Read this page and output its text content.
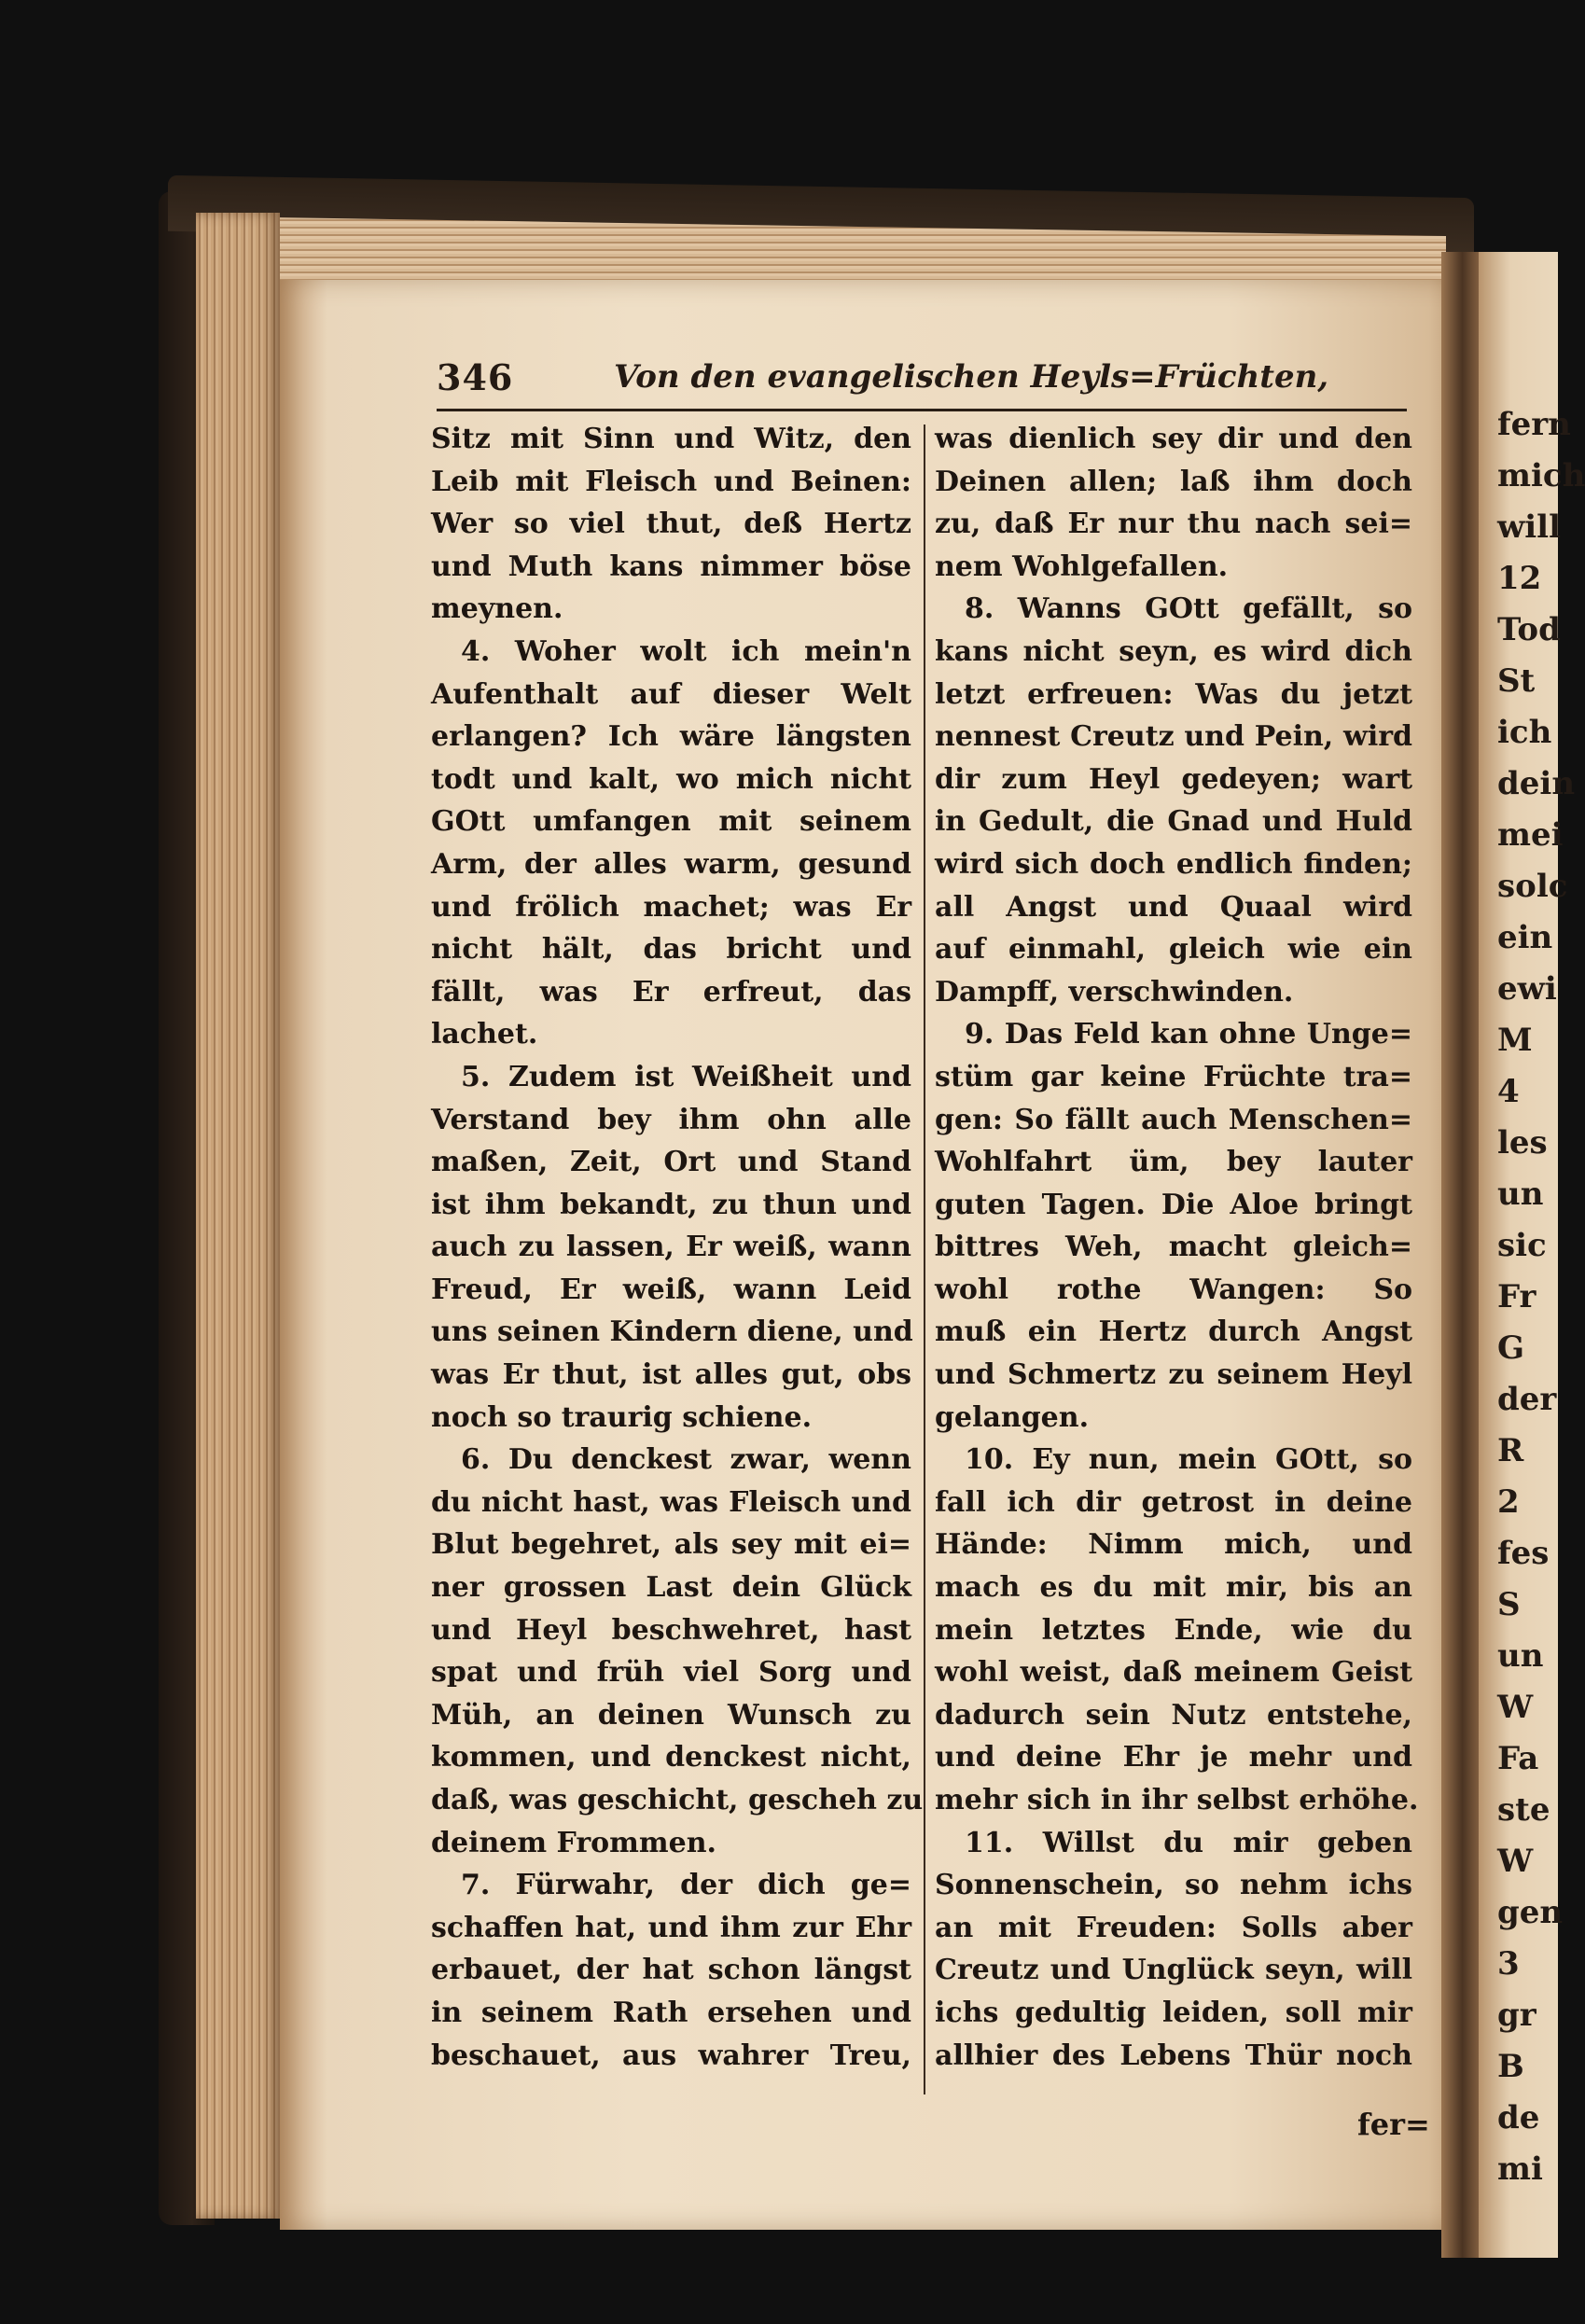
fern
mich
will
12
Tod
St
ich
dein
mei
solc
ein
ewi
M
4
les
un
sic
Fr
G
der
R
2
fes
S
un
W
Fa
ste
W
gen
3
gr
B
de
mi
346	Von den evangelischen Heyls=Früchten,
Sitz mit Sinn und Witz, den
Leib mit Fleisch und Beinen:
Wer so viel thut, deß Hertz
und Muth kans nimmer böse
meynen.
4. Woher wolt ich mein'n
Aufenthalt auf dieser Welt
erlangen? Ich wäre längsten
todt und kalt, wo mich nicht
GOtt umfangen mit seinem
Arm, der alles warm, gesund
und frölich machet; was Er
nicht hält, das bricht und
fällt, was Er erfreut, das
lachet.
5. Zudem ist Weißheit und
Verstand bey ihm ohn alle
maßen, Zeit, Ort und Stand
ist ihm bekandt, zu thun und
auch zu lassen, Er weiß, wann
Freud, Er weiß, wann Leid
uns seinen Kindern diene, und
was Er thut, ist alles gut, obs
noch so traurig schiene.
6. Du denckest zwar, wenn
du nicht hast, was Fleisch und
Blut begehret, als sey mit ei=
ner grossen Last dein Glück
und Heyl beschwehret, hast
spat und früh viel Sorg und
Müh, an deinen Wunsch zu
kommen, und denckest nicht,
daß, was geschicht, gescheh zu
deinem Frommen.
7. Fürwahr, der dich ge=
schaffen hat, und ihm zur Ehr
erbauet, der hat schon längst
in seinem Rath ersehen und
beschauet, aus wahrer Treu,
was dienlich sey dir und den
Deinen allen; laß ihm doch
zu, daß Er nur thu nach sei=
nem Wohlgefallen.
8. Wanns GOtt gefällt, so
kans nicht seyn, es wird dich
letzt erfreuen: Was du jetzt
nennest Creutz und Pein, wird
dir zum Heyl gedeyen; wart
in Gedult, die Gnad und Huld
wird sich doch endlich finden;
all Angst und Quaal wird
auf einmahl, gleich wie ein
Dampff, verschwinden.
9. Das Feld kan ohne Unge=
stüm gar keine Früchte tra=
gen: So fällt auch Menschen=
Wohlfahrt üm, bey lauter
guten Tagen. Die Aloe bringt
bittres Weh, macht gleich=
wohl rothe Wangen: So
muß ein Hertz durch Angst
und Schmertz zu seinem Heyl
gelangen.
10. Ey nun, mein GOtt, so
fall ich dir getrost in deine
Hände: Nimm mich, und
mach es du mit mir, bis an
mein letztes Ende, wie du
wohl weist, daß meinem Geist
dadurch sein Nutz entstehe,
und deine Ehr je mehr und
mehr sich in ihr selbst erhöhe.
11. Willst du mir geben
Sonnenschein, so nehm ichs
an mit Freuden: Solls aber
Creutz und Unglück seyn, will
ichs gedultig leiden, soll mir
allhier des Lebens Thür noch
fer=
